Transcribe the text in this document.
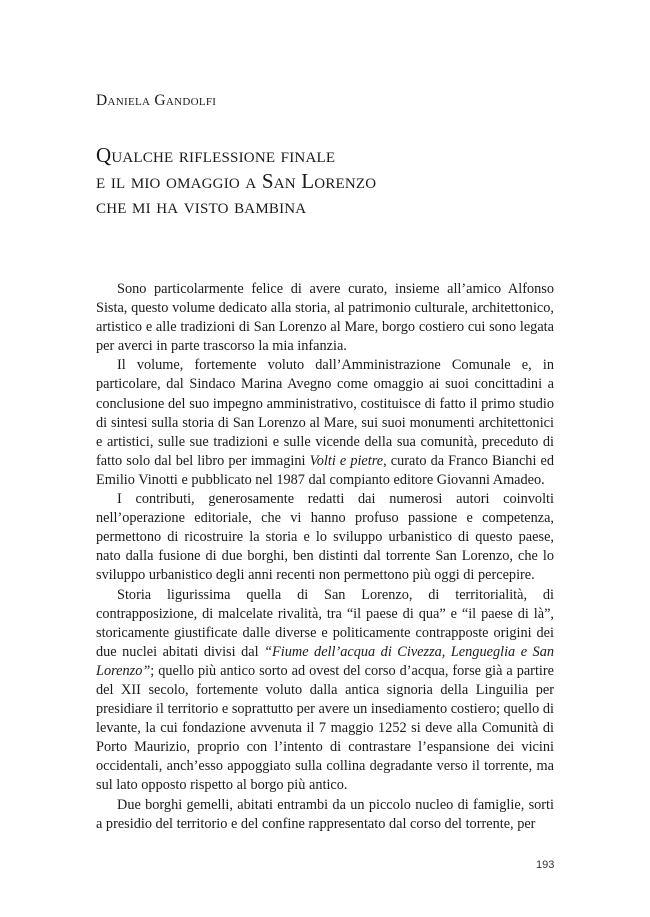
Daniela Gandolfi
Qualche riflessione finale
e il mio omaggio a San Lorenzo
che mi ha visto bambina

Sono particolarmente felice di avere curato, insieme all’amico Alfonso Sista, questo volume dedicato alla storia, al patrimonio culturale, architettonico, artistico e alle tradizioni di San Lorenzo al Mare, borgo costiero cui sono legata per averci in parte trascorso la mia infanzia.

Il volume, fortemente voluto dall’Amministrazione Comunale e, in particolare, dal Sindaco Marina Avegno come omaggio ai suoi concittadini a conclusione del suo impegno amministrativo, costituisce di fatto il primo studio di sintesi sulla storia di San Lorenzo al Mare, sui suoi monumenti architettonici e artistici, sulle sue tradizioni e sulle vicende della sua comunità, preceduto di fatto solo dal bel libro per immagini Volti e pietre, curato da Franco Bianchi ed Emilio Vinotti e pubblicato nel 1987 dal compianto editore Giovanni Amadeo.

I contributi, generosamente redatti dai numerosi autori coinvolti nell’operazione editoriale, che vi hanno profuso passione e competenza, permettono di ricostruire la storia e lo sviluppo urbanistico di questo paese, nato dalla fusione di due borghi, ben distinti dal torrente San Lorenzo, che lo sviluppo urbanistico degli anni recenti non permettono più oggi di percepire.

Storia ligurissima quella di San Lorenzo, di territorialità, di contrapposizione, di malcelate rivalità, tra “il paese di qua” e “il paese di là”, storicamente giustificate dalle diverse e politicamente contrapposte origini dei due nuclei abitati divisi dal “Fiume dell’acqua di Civezza, Lengueglia e San Lorenzo”; quello più antico sorto ad ovest del corso d’acqua, forse già a partire del XII secolo, fortemente voluto dalla antica signoria della Linguilia per presidiare il territorio e soprattutto per avere un insediamento costiero; quello di levante, la cui fondazione avvenuta il 7 maggio 1252 si deve alla Comunità di Porto Maurizio, proprio con l’intento di contrastare l’espansione dei vicini occidentali, anch’esso appoggiato sulla collina degradante verso il torrente, ma sul lato opposto rispetto al borgo più antico.

Due borghi gemelli, abitati entrambi da un piccolo nucleo di famiglie, sorti a presidio del territorio e del confine rappresentato dal corso del torrente, per

193
